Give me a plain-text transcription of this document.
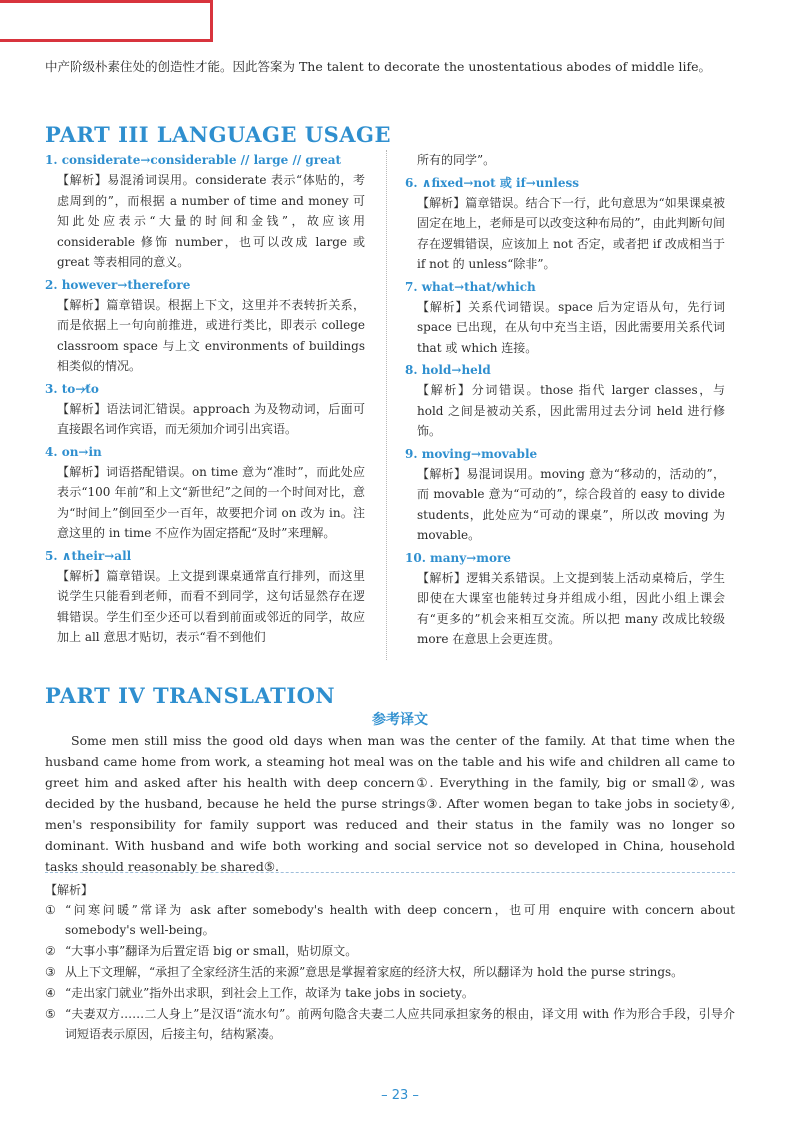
中产阶级朴素住处的创造性才能。因此答案为 The talent to decorate the unostentatious abodes of middle life。

PART III LANGUAGE USAGE

1. considerate→considerable // large // great

【解析】易混淆词误用。considerate 表示“体贴的，考虑周到的”，而根据 a number of time and money 可知此处应表示“大量的时间和金钱”，故应该用 considerable 修饰 number，也可以改成 large 或 great 等表相同的意义。

2. however→therefore

【解析】篇章错误。根据上下文，这里并不表转折关系，而是依据上一句向前推进，或进行类比，即表示 college classroom space 与上文 environments of buildings 相类似的情况。

3. to→t̸o

【解析】语法词汇错误。approach 为及物动词，后面可直接跟名词作宾语，而无须加介词引出宾语。

4. on→in

【解析】词语搭配错误。on time 意为“准时”，而此处应表示“100 年前”和上文“新世纪”之间的一个时间对比，意为“时间上”倒回至少一百年，故要把介词 on 改为 in。注意这里的 in time 不应作为固定搭配“及时”来理解。

5. ∧their→all

【解析】篇章错误。上文提到课桌通常直行排列，而这里说学生只能看到老师，而看不到同学，这句话显然存在逻辑错误。学生们至少还可以看到前面或邻近的同学，故应加上 all 意思才贴切，表示“看不到他们

所有的同学”。

6. ∧fixed→not 或 if→unless

【解析】篇章错误。结合下一行，此句意思为“如果课桌被固定在地上，老师是可以改变这种布局的”，由此判断句间存在逻辑错误，应该加上 not 否定，或者把 if 改成相当于 if not 的 unless“除非”。

7. what→that/which

【解析】关系代词错误。space 后为定语从句，先行词 space 已出现，在从句中充当主语，因此需要用关系代词 that 或 which 连接。

8. hold→held

【解析】分词错误。those 指代 larger classes，与 hold 之间是被动关系，因此需用过去分词 held 进行修饰。

9. moving→movable

【解析】易混词误用。moving 意为“移动的，活动的”，而 movable 意为“可动的”，综合段首的 easy to divide students，此处应为“可动的课桌”，所以改 moving 为 movable。

10. many→more

【解析】逻辑关系错误。上文提到装上活动桌椅后，学生即使在大课室也能转过身并组成小组，因此小组上课会有“更多的”机会来相互交流。所以把 many 改成比较级 more 在意思上会更连贯。

PART IV TRANSLATION
参考译文

Some men still miss the good old days when man was the center of the family. At that time when the husband came home from work, a steaming hot meal was on the table and his wife and children all came to greet him and asked after his health with deep concern①. Everything in the family, big or small②, was decided by the husband, because he held the purse strings③. After women began to take jobs in society④, men's responsibility for family support was reduced and their status in the family was no longer so dominant. With husband and wife both working and social service not so developed in China, household tasks should reasonably be shared⑤.

【解析】

① “问寒问暖”常译为 ask after somebody's health with deep concern，也可用 enquire with concern about somebody's well-being。
② “大事小事”翻译为后置定语 big or small，贴切原文。
③ 从上下文理解，“承担了全家经济生活的来源”意思是掌握着家庭的经济大权，所以翻译为 hold the purse strings。
④ “走出家门就业”指外出求职，到社会上工作，故译为 take jobs in society。
⑤ “夫妻双方……二人身上”是汉语“流水句”。前两句隐含夫妻二人应共同承担家务的根由，译文用 with 作为形合手段，引导介词短语表示原因，后接主句，结构紧凑。
– 23 –
